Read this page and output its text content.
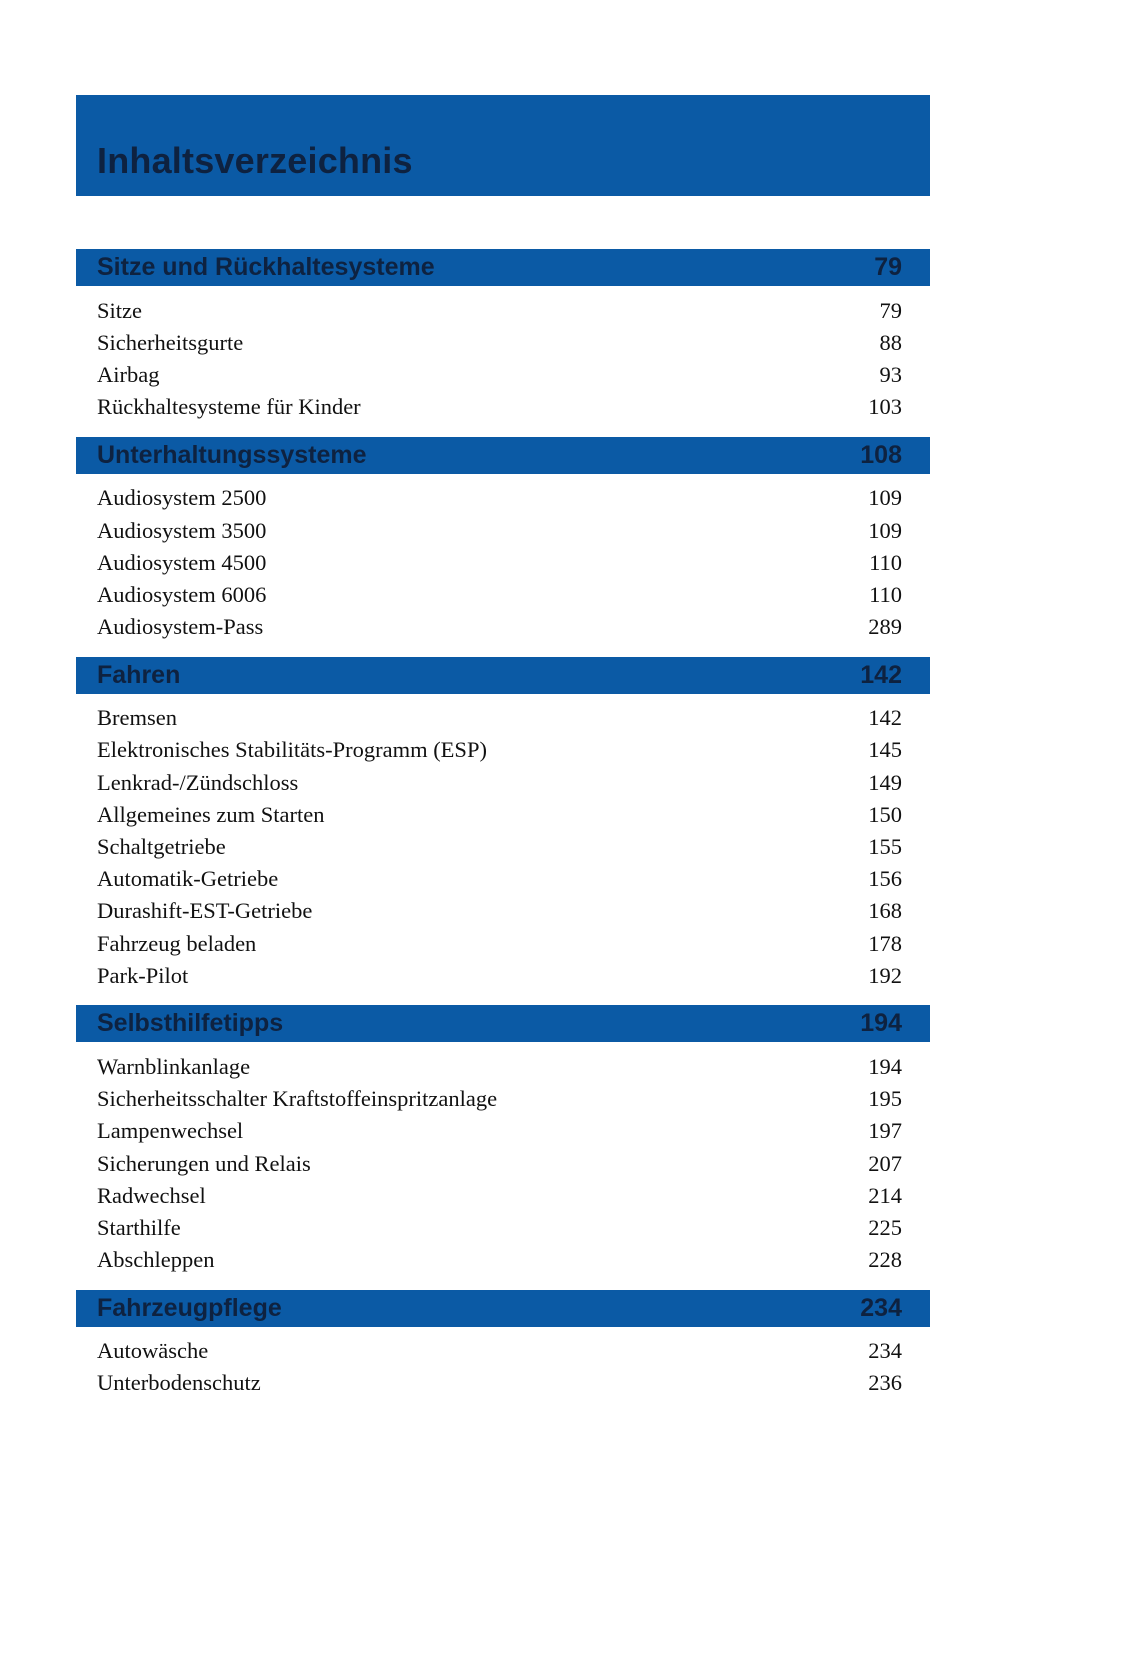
Inhaltsverzeichnis
Sitze und Rückhaltesysteme	79
Sitze	79
Sicherheitsgurte	88
Airbag	93
Rückhaltesysteme für Kinder	103
Unterhaltungssysteme	108
Audiosystem 2500	109
Audiosystem 3500	109
Audiosystem 4500	110
Audiosystem 6006	110
Audiosystem-Pass	289
Fahren	142
Bremsen	142
Elektronisches Stabilitäts-Programm (ESP)	145
Lenkrad-/Zündschloss	149
Allgemeines zum Starten	150
Schaltgetriebe	155
Automatik-Getriebe	156
Durashift-EST-Getriebe	168
Fahrzeug beladen	178
Park-Pilot	192
Selbsthilfetipps	194
Warnblinkanlage	194
Sicherheitsschalter Kraftstoffeinspritzanlage	195
Lampenwechsel	197
Sicherungen und Relais	207
Radwechsel	214
Starthilfe	225
Abschleppen	228
Fahrzeugpflege	234
Autowäsche	234
Unterbodenschutz	236
